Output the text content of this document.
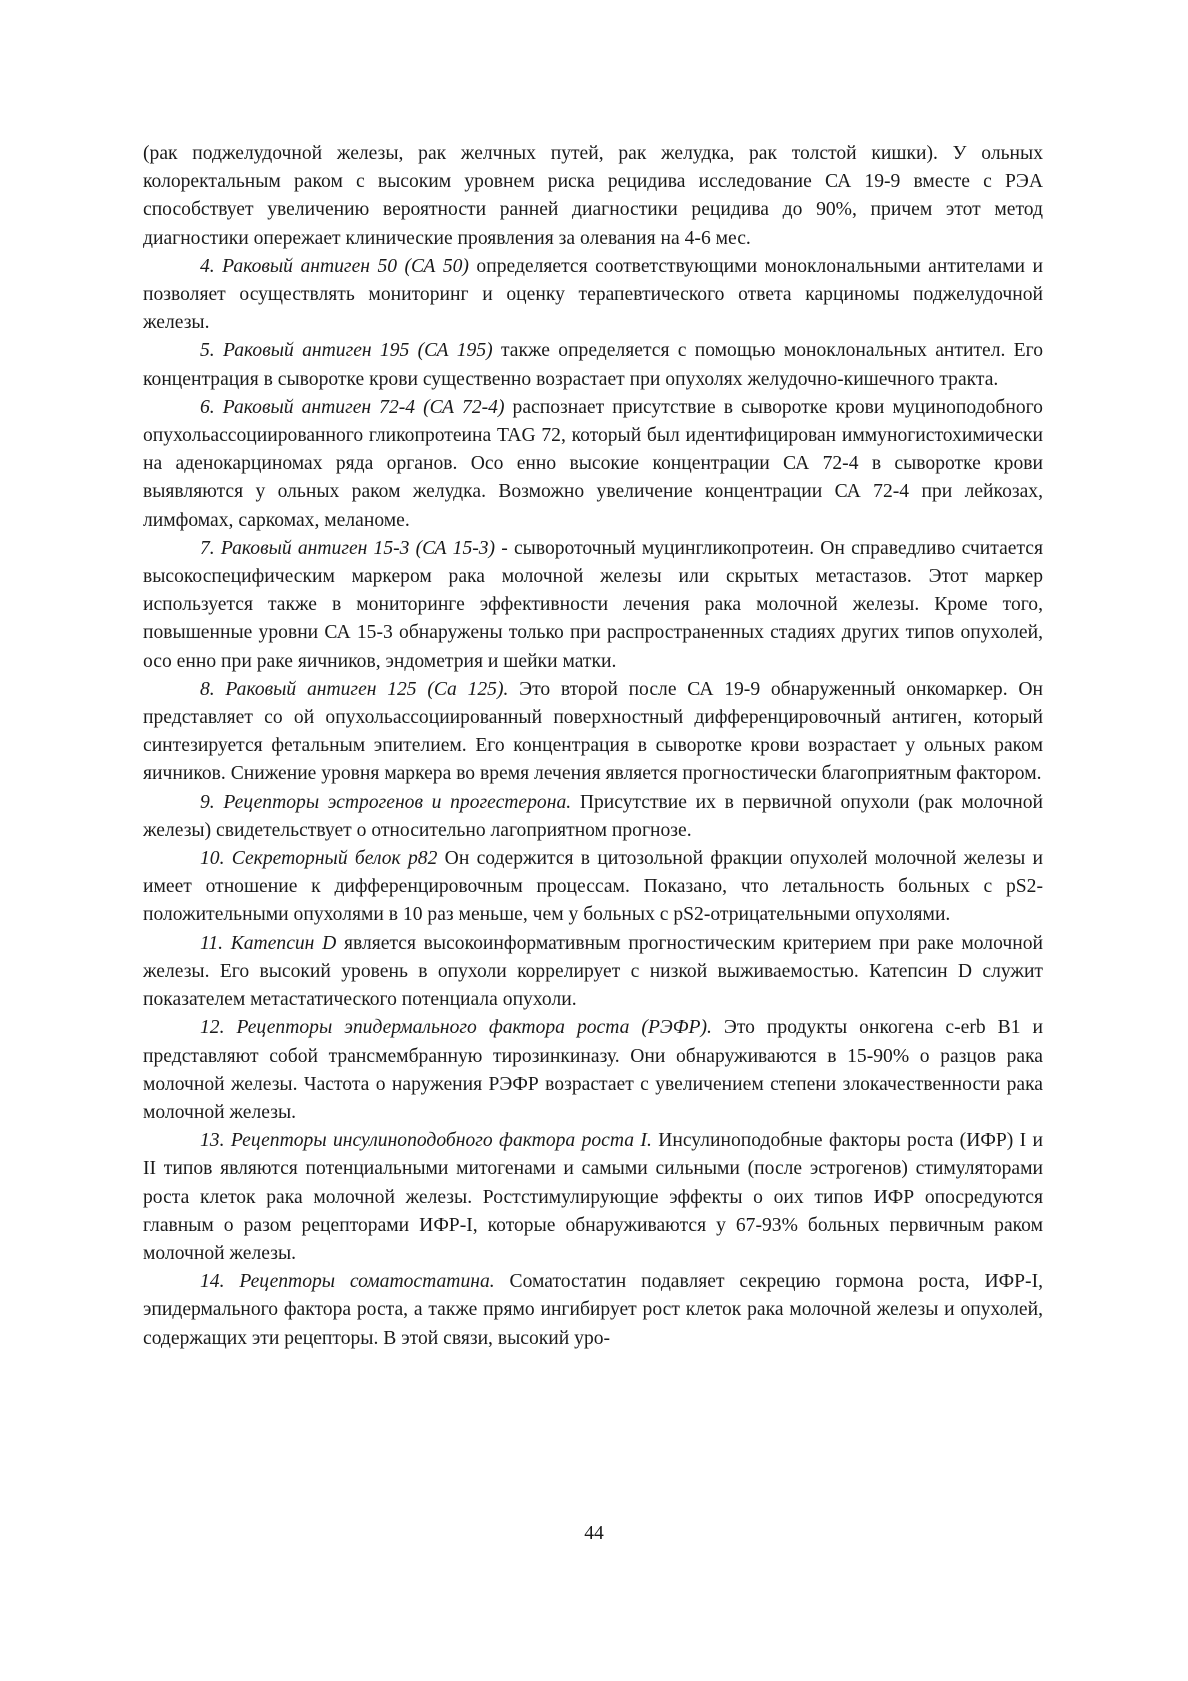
(рак поджелудочной железы, рак желчных путей, рак желудка, рак толстой кишки). У ольных колоректальным раком с высоким уровнем риска рецидива исследование СА 19-9 вместе с РЭА способствует увеличению вероятности ранней диагностики рецидива до 90%, причем этот метод диагностики опережает клинические проявления за олевания на 4-6 мес.

4. Раковый антиген 50 (СА 50) определяется соответствующими моноклональными антителами и позволяет осуществлять мониторинг и оценку терапевтического ответа карциномы поджелудочной железы.

5. Раковый антиген 195 (СА 195) также определяется с помощью моноклональных антител. Его концентрация в сыворотке крови существенно возрастает при опухолях желудочно-кишечного тракта.

6. Раковый антиген 72-4 (СА 72-4) распознает присутствие в сыворотке крови муциноподобного опухольассоциированного гликопротеина TAG 72, который был идентифицирован иммуногистохимически на аденокарциномах ряда органов. Осо енно высокие концентрации СА 72-4 в сыворотке крови выявляются у ольных раком желудка. Возможно увеличение концентрации СА 72-4 при лейкозах, лимфомах, саркомах, меланоме.

7. Раковый антиген 15-3 (СА 15-3) - сывороточный муцингликопротеин. Он справедливо считается высокоспецифическим маркером рака молочной железы или скрытых метастазов. Этот маркер используется также в мониторинге эффективности лечения рака молочной железы. Кроме того, повышенные уровни СА 15-3 обнаружены только при распространенных стадиях других типов опухолей, осо енно при раке яичников, эндометрия и шейки матки.

8. Раковый антиген 125 (Са 125). Это второй после СА 19-9 обнаруженный онкомаркер. Он представляет со ой опухольассоциированный поверхностный дифференцировочный антиген, который синтезируется фетальным эпителием. Его концентрация в сыворотке крови возрастает у ольных раком яичников. Снижение уровня маркера во время лечения является прогностически благоприятным фактором.

9. Рецепторы эстрогенов и прогестерона. Присутствие их в первичной опухоли (рак молочной железы) свидетельствует о относительно лагоприятном прогнозе.

10. Секреторный белок р82 Он содержится в цитозольной фракции опухолей молочной железы и имеет отношение к дифференцировочным процессам. Показано, что летальность больных с pS2-положительными опухолями в 10 раз меньше, чем у больных с pS2-отрицательными опухолями.

11. Катепсин D является высокоинформативным прогностическим критерием при раке молочной железы. Его высокий уровень в опухоли коррелирует с низкой выживаемостью. Катепсин D служит показателем метастатического потенциала опухоли.

12. Рецепторы эпидермального фактора роста (РЭФР). Это продукты онкогена c-erb B1 и представляют собой трансмембранную тирозинкиназу. Они обнаруживаются в 15-90% о разцов рака молочной железы. Частота о наружения РЭФР возрастает с увеличением степени злокачественности рака молочной железы.

13. Рецепторы инсулиноподобного фактора роста I. Инсулиноподобные факторы роста (ИФР) I и II типов являются потенциальными митогенами и самыми сильными (после эстрогенов) стимуляторами роста клеток рака молочной железы. Ростстимулирующие эффекты о оих типов ИФР опосредуются главным о разом рецепторами ИФР-I, которые обнаруживаются у 67-93% больных первичным раком молочной железы.

14. Рецепторы соматостатина. Соматостатин подавляет секрецию гормона роста, ИФР-I, эпидермального фактора роста, а также прямо ингибирует рост клеток рака молочной железы и опухолей, содержащих эти рецепторы. В этой связи, высокий уро-

44
